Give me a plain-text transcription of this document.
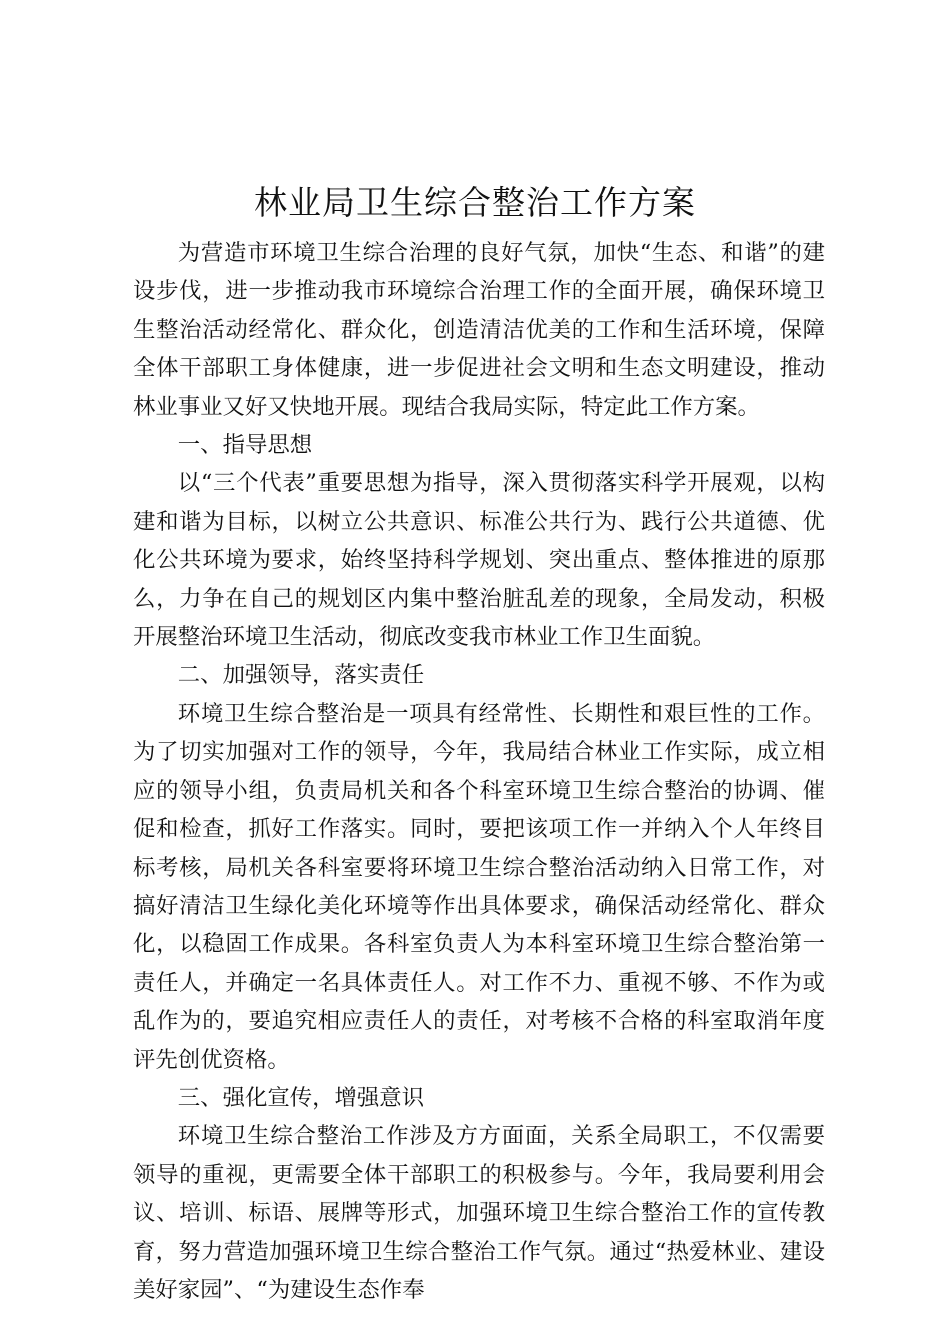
林业局卫生综合整治工作方案

为营造市环境卫生综合治理的良好气氛，加快“生态、和谐”的建设步伐，进一步推动我市环境综合治理工作的全面开展，确保环境卫生整治活动经常化、群众化，创造清洁优美的工作和生活环境，保障全体干部职工身体健康，进一步促进社会文明和生态文明建设，推动林业事业又好又快地开展。现结合我局实际，特定此工作方案。

一、指导思想

以“三个代表”重要思想为指导，深入贯彻落实科学开展观，以构建和谐为目标，以树立公共意识、标准公共行为、践行公共道德、优化公共环境为要求，始终坚持科学规划、突出重点、整体推进的原那么，力争在自己的规划区内集中整治脏乱差的现象，全局发动，积极开展整治环境卫生活动，彻底改变我市林业工作卫生面貌。

二、加强领导，落实责任

环境卫生综合整治是一项具有经常性、长期性和艰巨性的工作。为了切实加强对工作的领导，今年，我局结合林业工作实际，成立相应的领导小组，负责局机关和各个科室环境卫生综合整治的协调、催促和检查，抓好工作落实。同时，要把该项工作一并纳入个人年终目标考核，局机关各科室要将环境卫生综合整治活动纳入日常工作，对搞好清洁卫生绿化美化环境等作出具体要求，确保活动经常化、群众化，以稳固工作成果。各科室负责人为本科室环境卫生综合整治第一责任人，并确定一名具体责任人。对工作不力、重视不够、不作为或乱作为的，要追究相应责任人的责任，对考核不合格的科室取消年度评先创优资格。

三、强化宣传，增强意识

环境卫生综合整治工作涉及方方面面，关系全局职工，不仅需要领导的重视，更需要全体干部职工的积极参与。今年，我局要利用会议、培训、标语、展牌等形式，加强环境卫生综合整治工作的宣传教育，努力营造加强环境卫生综合整治工作气氛。通过“热爱林业、建设美好家园”、“为建设生态作奉
